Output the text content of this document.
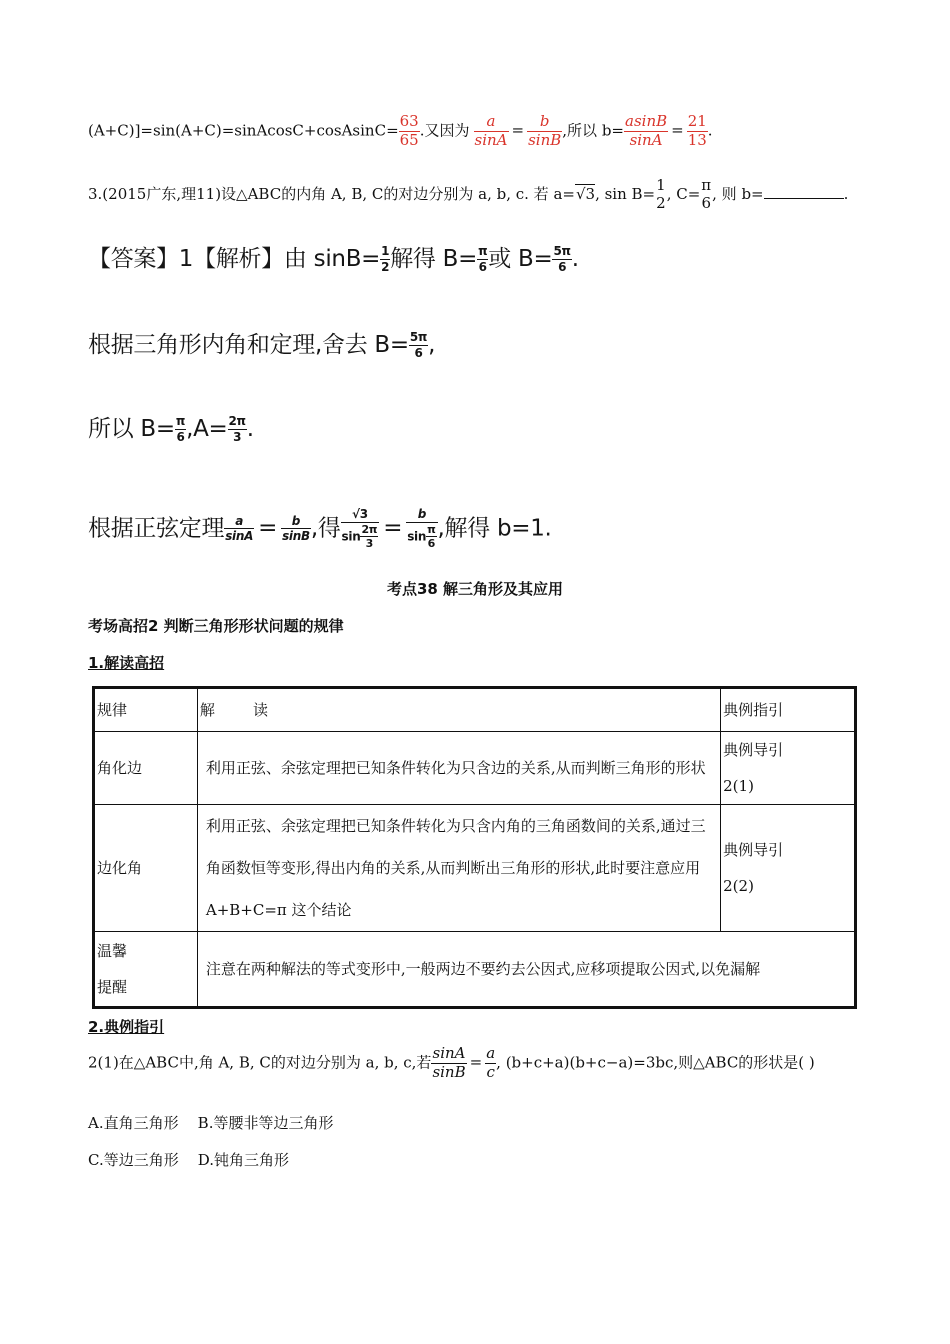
(A+C)]=sin(A+C)=sinAcosC+cosAsinC= $\frac{63}{65}$ .又因为 $\frac{a}{\sin A} = \frac{b}{\sin B}$ ,所以 $b= \frac{asinB}{\sin A} = \frac{21}{13}$ .
3.(2015广东,理11)设△ABC的内角 A, B, C的对边分别为 a, b, c. 若 a=√3, sin B= 1
2 , C= π
6 , 则 b=	.
【答案】1【解析】由 $\sin B= \frac{1}{2}$ 解得 $B= \frac{\pi}{6}$ 或 $B= \frac{5\pi}{6}$ .
根据三角形内角和定理,舍去 $B= \frac{5\pi}{6}$ ,
所以 $B= \frac{\pi}{6} ,A= \frac{2\pi}{3}$ .
根据正弦定理 $\frac{a}{\sin A} = \frac{b}{\sin B}$ ,得 $\frac{√3}{\sin \frac{2\pi}{3}} = \frac{b}{\sin \frac{\pi}{6}}$ ,解得 b=1.
考点38 解三角形及其应用
考场高招2 判断三角形形状问题的规律
1.解读高招
规律	解        读	典例指引
角化边	利用正弦、余弦定理把已知条件转化为只含边的关系,从而判断三角形的形状	典例导引
2(1)

边化角	利用正弦、余弦定理把已知条件转化为只含内角的三角函数间的关系,通过三角函数恒等变形,得出内角的关系,从而判断出三角形的形状,此时要注意应用 A+B+C=π 这个结论	典例导引
2(2)

温馨
提醒	注意在两种解法的等式变形中,一般两边不要约去公因式,应移项提取公因式,以免漏解	
2.典例指引
2(1)在△ABC中,角 A, B, C的对边分别为 a, b, c,若 $\frac{\sin A}{\sin B} = \frac{a}{c}$ , (b+c+a)(b+c−a)=3bc,则△ABC的形状是( )
A.直角三角形    B.等腰非等边三角形
C.等边三角形    D.钝角三角形
